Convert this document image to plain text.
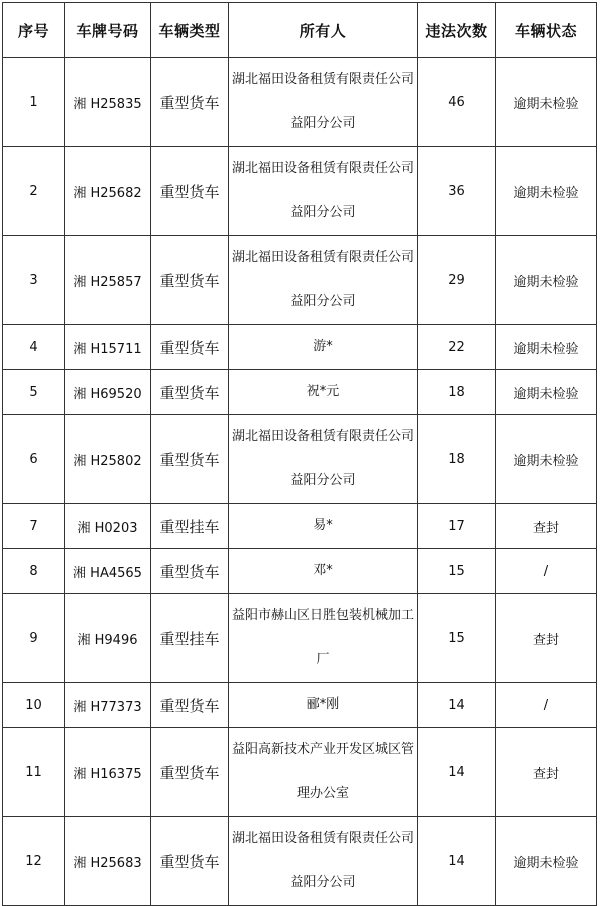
序号	车牌号码	车辆类型	所有人	违法次数	车辆状态
1	湘 H25835	重型货车	湖北福田设备租赁有限责任公司益阳分公司	46	逾期未检验
2	湘 H25682	重型货车	湖北福田设备租赁有限责任公司益阳分公司	36	逾期未检验
3	湘 H25857	重型货车	湖北福田设备租赁有限责任公司益阳分公司	29	逾期未检验
4	湘 H15711	重型货车	游*	22	逾期未检验
5	湘 H69520	重型货车	祝*元	18	逾期未检验
6	湘 H25802	重型货车	湖北福田设备租赁有限责任公司益阳分公司	18	逾期未检验
7	湘 H0203	重型挂车	易*	17	查封
8	湘 HA4565	重型货车	邓*	15	/
9	湘 H9496	重型挂车	益阳市赫山区日胜包装机械加工厂	15	查封
10	湘 H77373	重型货车	郦*刚	14	/
11	湘 H16375	重型货车	益阳高新技术产业开发区城区管理办公室	14	查封
12	湘 H25683	重型货车	湖北福田设备租赁有限责任公司益阳分公司	14	逾期未检验
